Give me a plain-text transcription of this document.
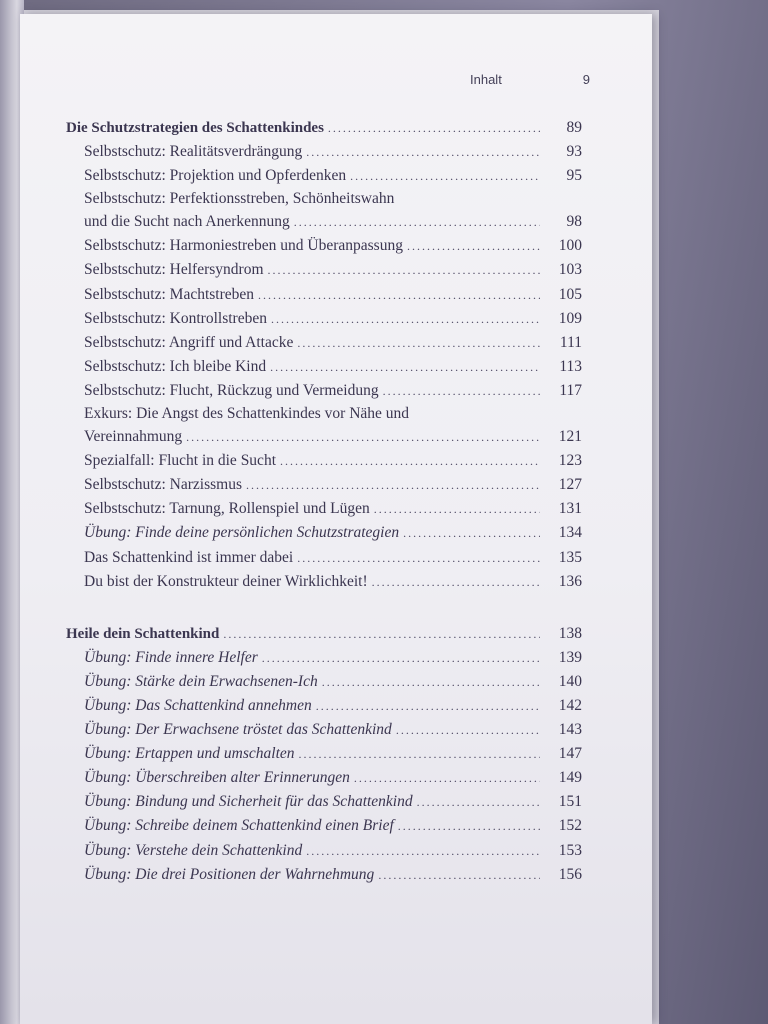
Inhalt	9
Die Schutzstrategien des Schattenkindes .....	89
Selbstschutz: Realitätsverdrängung .....	93
Selbstschutz: Projektion und Opferdenken .....	95
Selbstschutz: Perfektionsstreben, Schönheitswahn
und die Sucht nach Anerkennung .....	98
Selbstschutz: Harmoniestreben und Überanpassung .....	100
Selbstschutz: Helfersyndrom .....	103
Selbstschutz: Machtstreben .....	105
Selbstschutz: Kontrollstreben .....	109
Selbstschutz: Angriff und Attacke .....	111
Selbstschutz: Ich bleibe Kind .....	113
Selbstschutz: Flucht, Rückzug und Vermeidung .....	117
Exkurs: Die Angst des Schattenkindes vor Nähe und
Vereinnahmung .....	121
Spezialfall: Flucht in die Sucht .....	123
Selbstschutz: Narzissmus .....	127
Selbstschutz: Tarnung, Rollenspiel und Lügen .....	131
Übung: Finde deine persönlichen Schutzstrategien .....	134
Das Schattenkind ist immer dabei .....	135
Du bist der Konstrukteur deiner Wirklichkeit! .....	136
Heile dein Schattenkind .....	138
Übung: Finde innere Helfer .....	139
Übung: Stärke dein Erwachsenen-Ich .....	140
Übung: Das Schattenkind annehmen .....	142
Übung: Der Erwachsene tröstet das Schattenkind .....	143
Übung: Ertappen und umschalten .....	147
Übung: Überschreiben alter Erinnerungen .....	149
Übung: Bindung und Sicherheit für das Schattenkind .....	151
Übung: Schreibe deinem Schattenkind einen Brief .....	152
Übung: Verstehe dein Schattenkind .....	153
Übung: Die drei Positionen der Wahrnehmung .....	156
